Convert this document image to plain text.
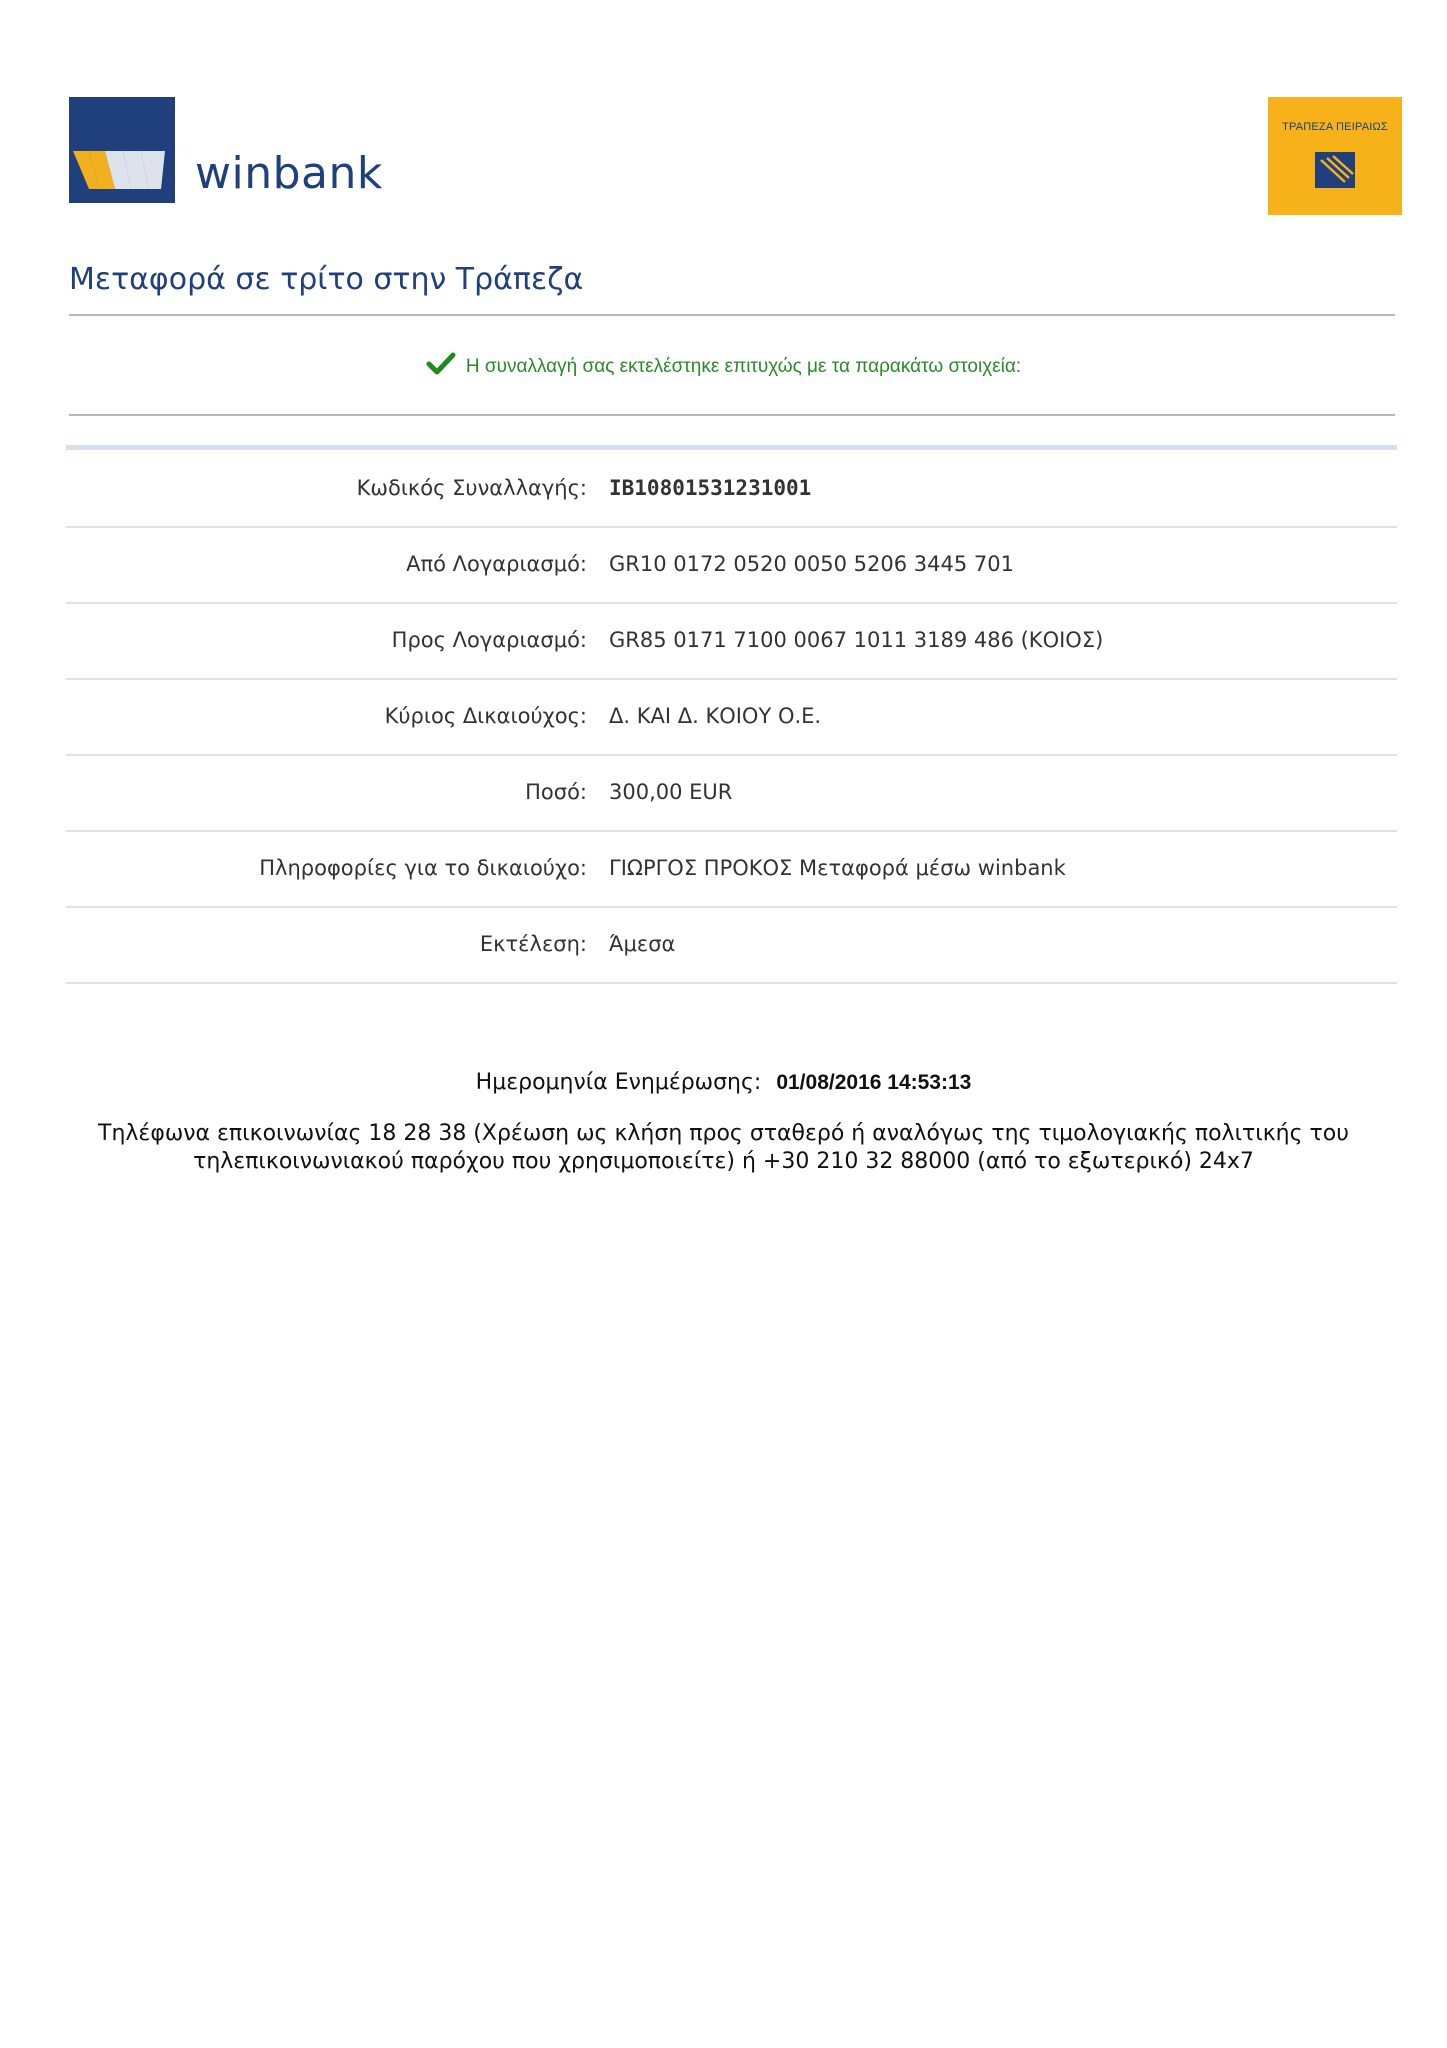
winbank
ΤΡΑΠΕΖΑ ΠΕΙΡΑΙΩΣ
Μεταφορά σε τρίτο στην Τράπεζα
Η συναλλαγή σας εκτελέστηκε επιτυχώς με τα παρακάτω στοιχεία:
Κωδικός Συναλλαγής: IB10801531231001
Από Λογαριασμό: GR10 0172 0520 0050 5206 3445 701
Προς Λογαριασμό: GR85 0171 7100 0067 1011 3189 486 (ΚΟΙΟΣ)
Κύριος Δικαιούχος: Δ. ΚΑΙ Δ. ΚΟΙΟΥ Ο.Ε.
Ποσό: 300,00 EUR
Πληροφορίες για το δικαιούχο: ΓΙΩΡΓΟΣ ΠΡΟΚΟΣ Μεταφορά μέσω winbank
Εκτέλεση: Άμεσα
Ημερομηνία Ενημέρωσης: 01/08/2016 14:53:13
Τηλέφωνα επικοινωνίας 18 28 38 (Χρέωση ως κλήση προς σταθερό ή αναλόγως της τιμολογιακής πολιτικής του
τηλεπικοινωνιακού παρόχου που χρησιμοποιείτε) ή +30 210 32 88000 (από το εξωτερικό) 24x7
